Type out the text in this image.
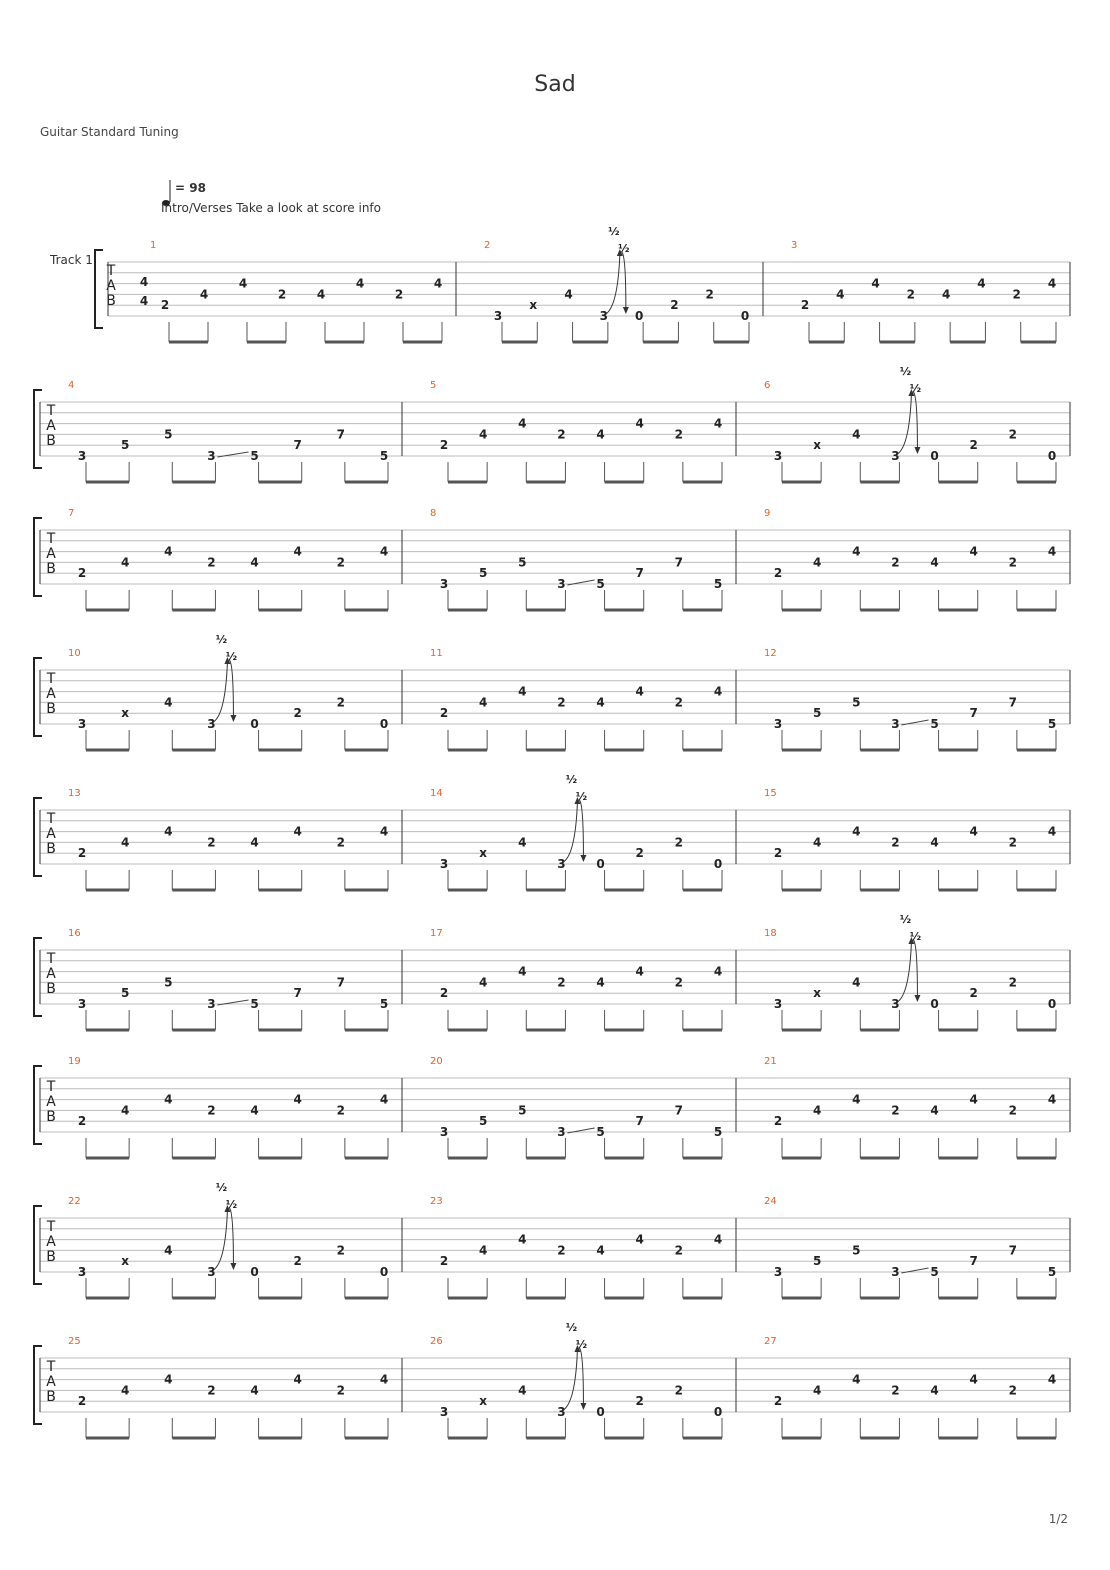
Sad
Guitar Standard Tuning
1/2
= 98
Intro/Verses Take a look at score info
Track 1
T
A
B
4
4
1
2
4
4
2	4
4
2
4
2
3
x
4
3 0
2
2
0
½
½	3
2
4
4
2 4
4
2
4
T
A
B
4
3
5
5
3	5
7
7
5
5
2
4
4
2	4
4
2
4
6
3
x
4
3	0
2
2
0
½
½
T
A
B
7
2
4
4
2	4
4
2
4
8
3
5
5
3	5
7
7
5
9
2
4
4
2	4
4
2
4
T
A
B
10
3
x
4
3	0
2
2
0
½
½	11
2
4
4
2	4
4
2
4
12
3
5
5
3	5
7
7
5
T
A
B
13
2
4
4
2	4
4
2
4
14
3
x
4
3	0
2
2
0
½
½	15
2
4
4
2	4
4
2
4
T
A
B
16
3
5
5
3	5
7
7
5
17
2
4
4
2	4
4
2
4
18
3
x
4
3	0
2
2
0
½
½
T
A
B
19
2
4
4
2	4
4
2
4
20
3
5
5
3	5
7
7
5
21
2
4
4
2	4
4
2
4
T
A
B
22
3
x
4
3	0
2
2
0
½
½	23
2
4
4
2	4
4
2
4
24
3
5
5
3	5
7
7
5
T
A
B
25
2
4
4
2	4
4
2
4
26
3
x
4
3	0
2
2
0
½
½	27
2
4
4
2	4
4
2
4
